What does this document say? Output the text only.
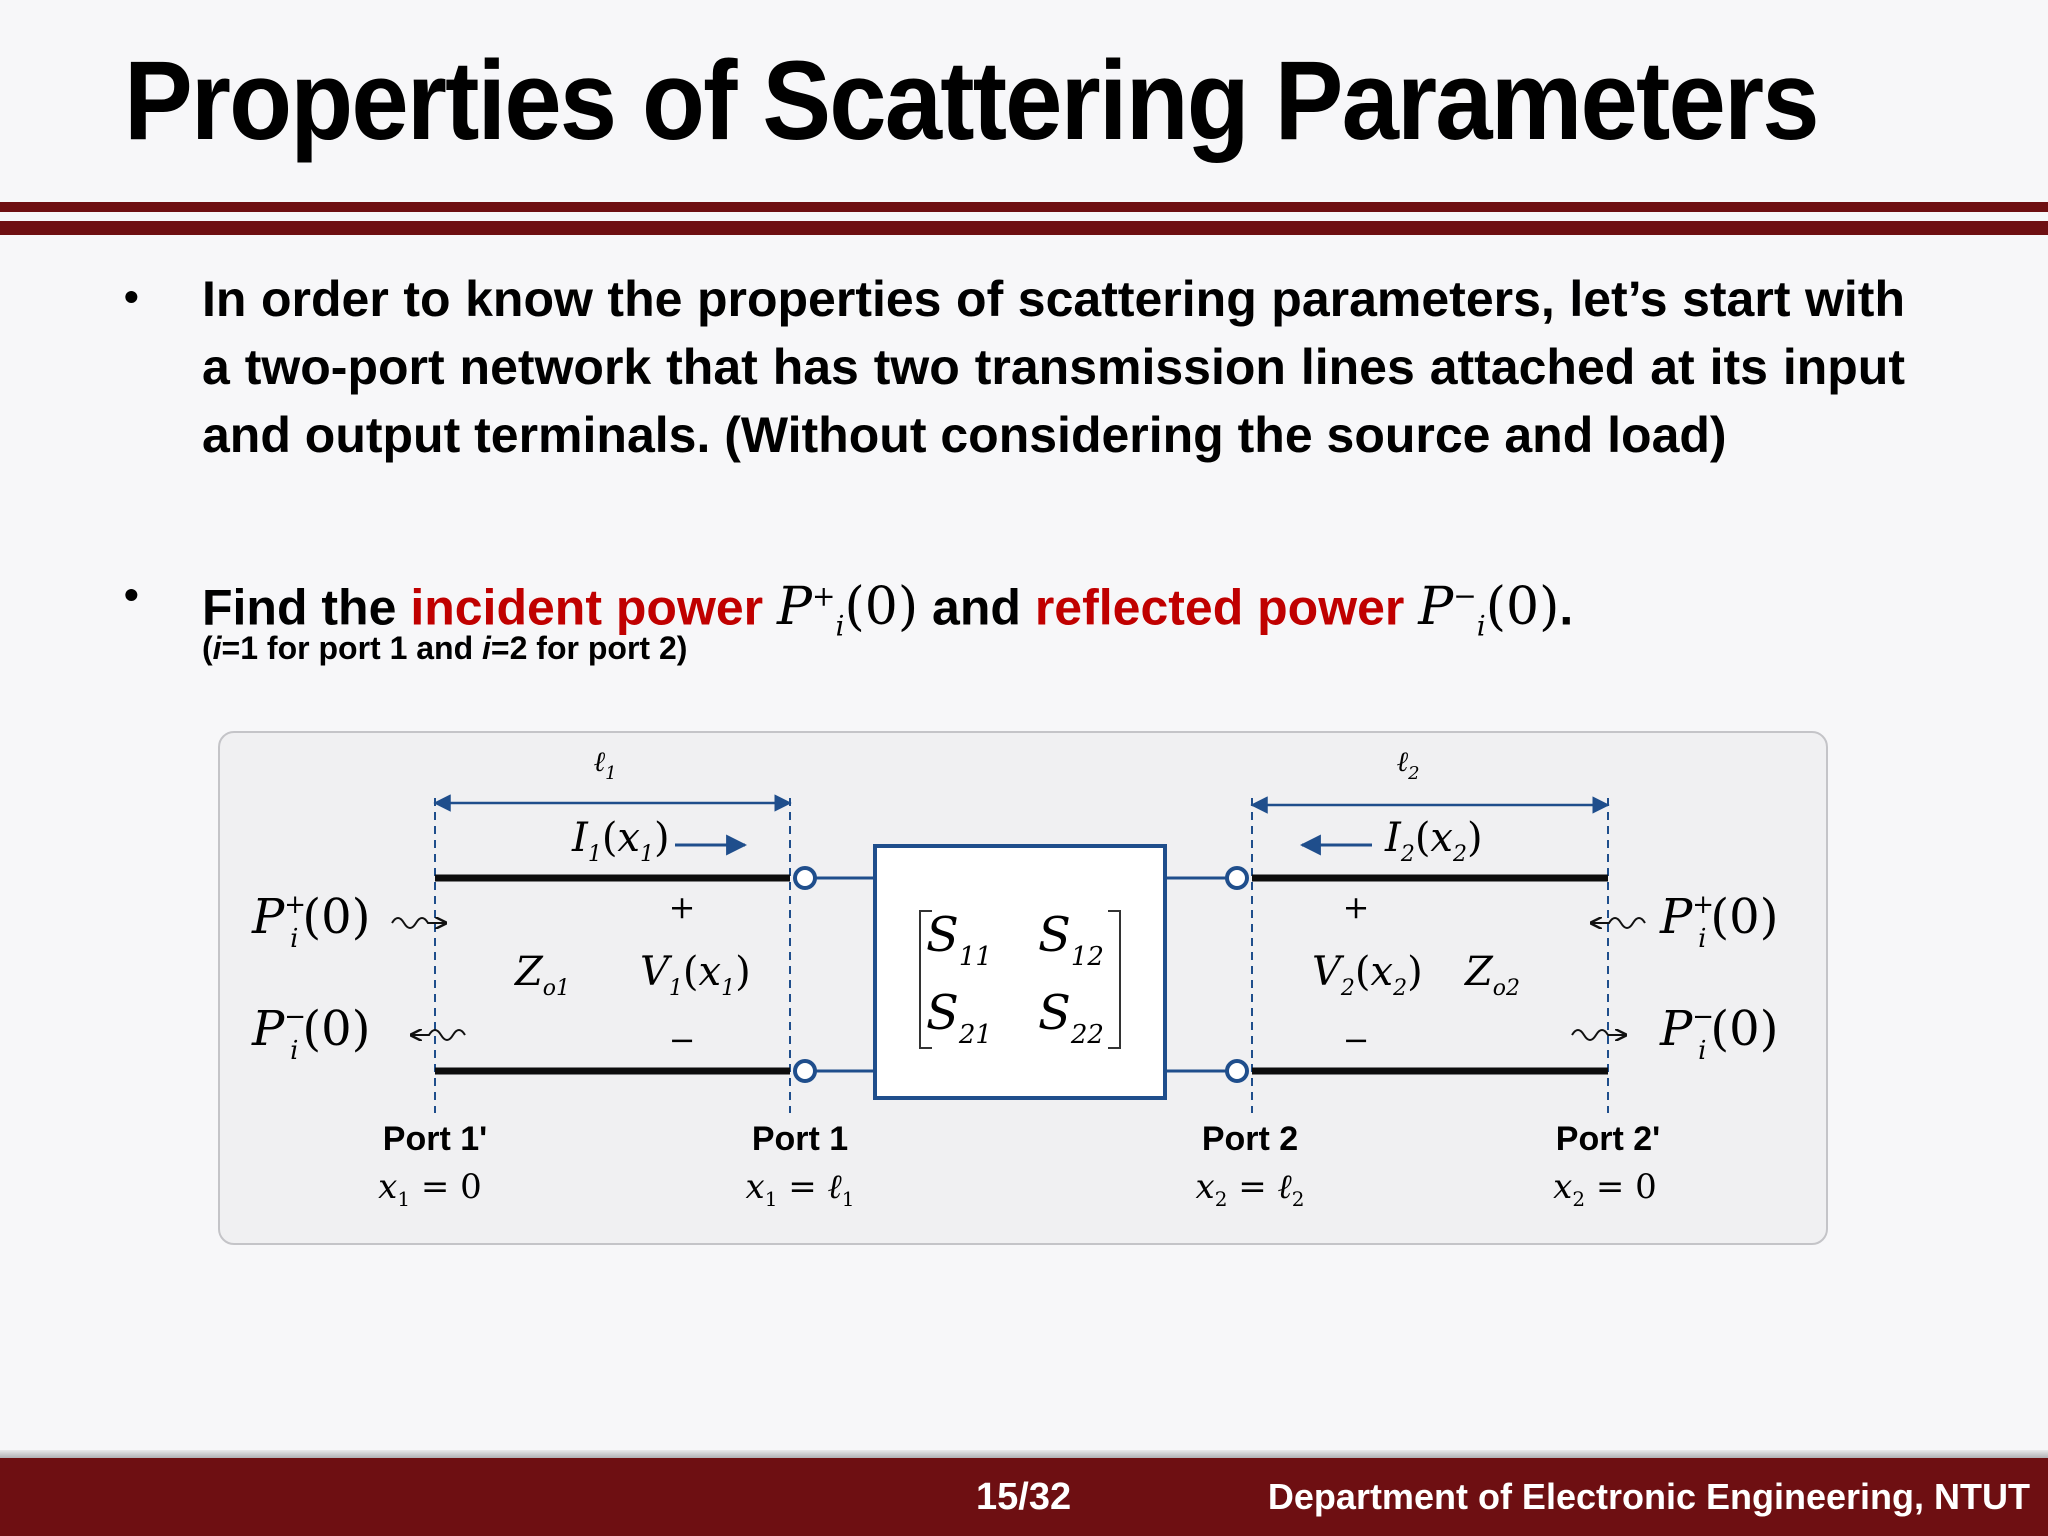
Properties of Scattering Parameters
• In order to know the properties of scattering parameters, let’s start with a two-port network that has two transmission lines attached at its input and output terminals. (Without considering the source and load)
• Find the incident power $P^+_i(0)$ and reflected power $P^-_i(0)$.
(i=1 for port 1 and i=2 for port 2)
ℓ$_1$	ℓ$_2$
$S_{11}$ $S_{12}$
$S_{21}$ $S_{22}$
$I_1(x_1)$	$I_2(x_2)$
+
−
+
−
$Z_{o1}$ $V_1(x_1)$	$V_2(x_2)$ $Z_{o2}$
P+ i(0)
P− i(0)
P+ i(0)
P− i(0)
Port 1'	Port 1	Port 2	Port 2'
$x_1 = 0$	$x_1$ = ℓ$_1$	$x_2$ = ℓ$_2$	$x_2 = 0$
15/32	Department of Electronic Engineering, NTUT
